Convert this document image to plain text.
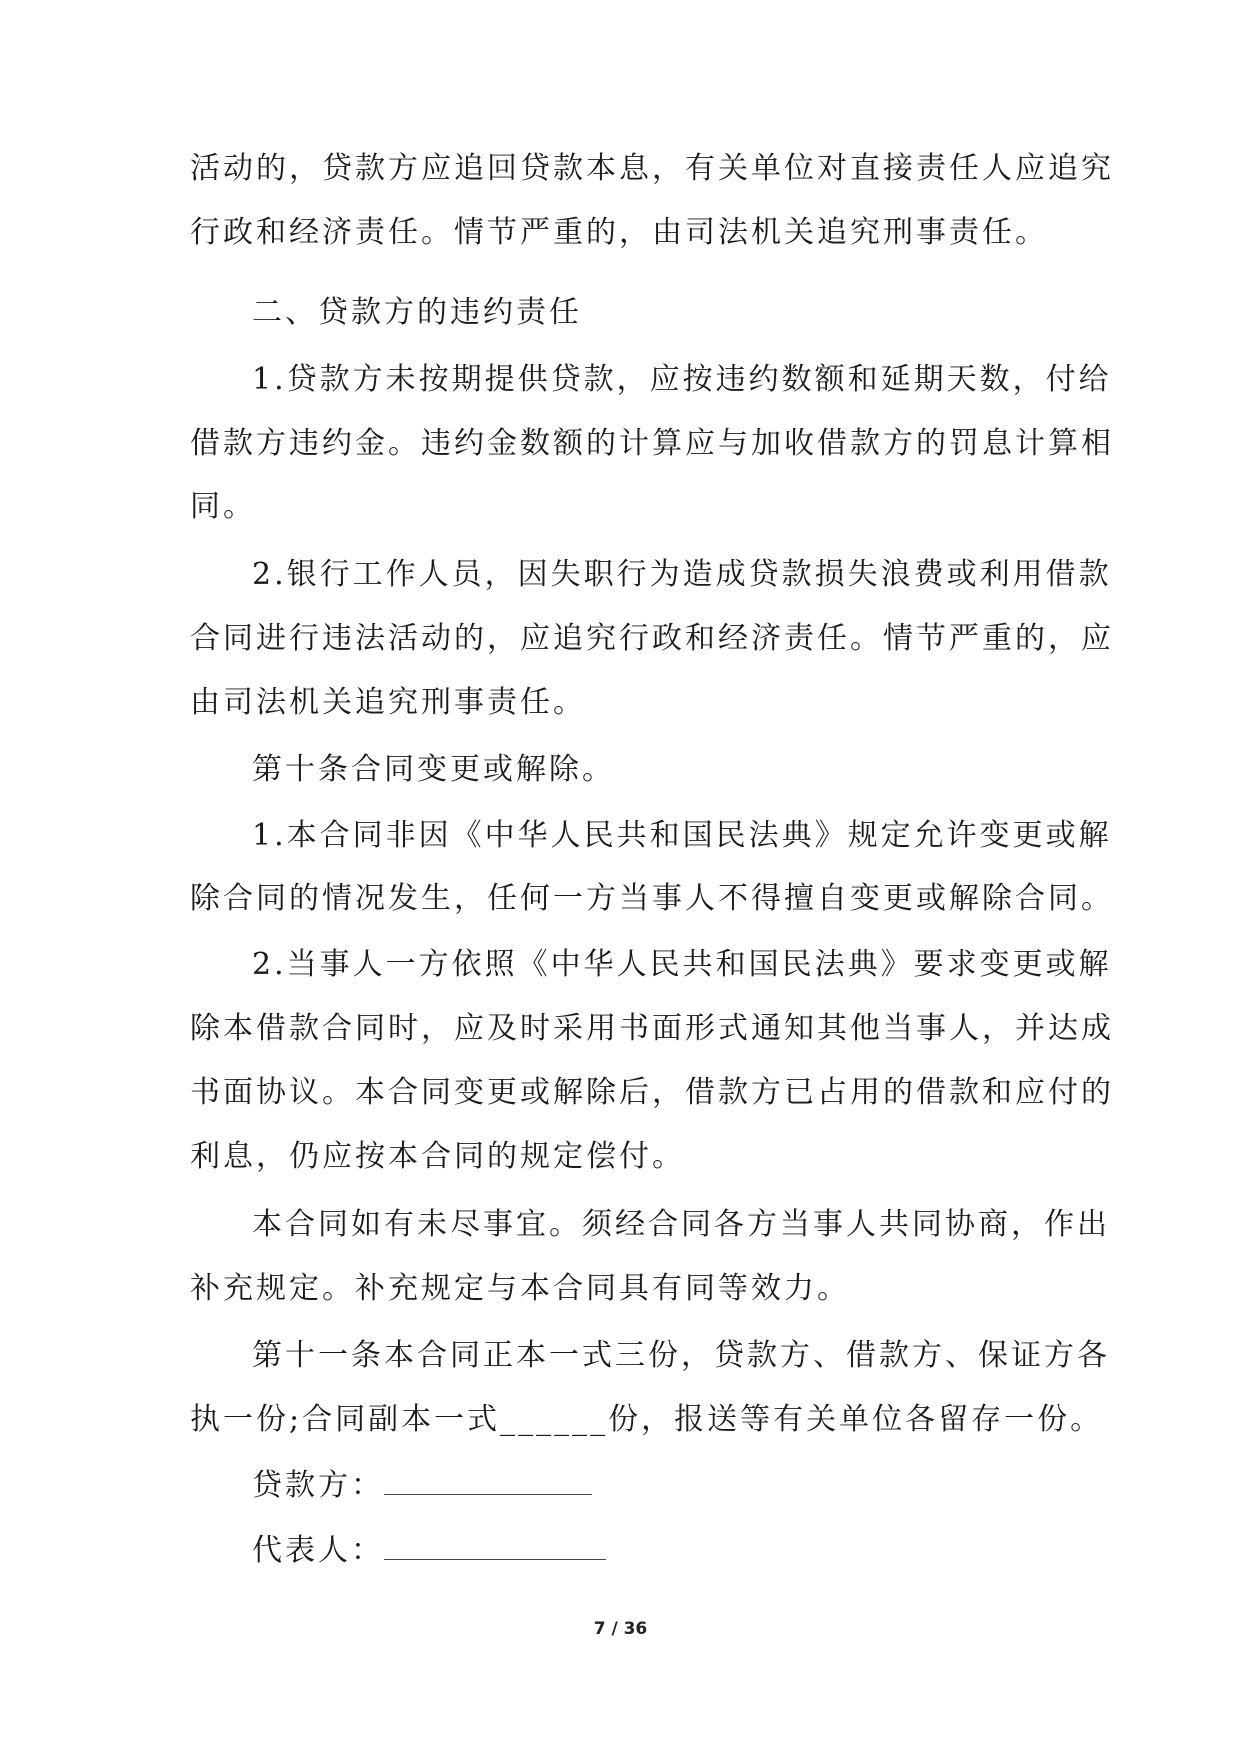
活动的，贷款方应追回贷款本息，有关单位对直接责任人应追究
行政和经济责任。情节严重的，由司法机关追究刑事责任。
二、贷款方的违约责任
1.贷款方未按期提供贷款，应按违约数额和延期天数，付给
借款方违约金。违约金数额的计算应与加收借款方的罚息计算相
同。
2.银行工作人员，因失职行为造成贷款损失浪费或利用借款
合同进行违法活动的，应追究行政和经济责任。情节严重的，应
由司法机关追究刑事责任。
第十条合同变更或解除。
1.本合同非因《中华人民共和国民法典》规定允许变更或解
除合同的情况发生，任何一方当事人不得擅自变更或解除合同。
2.当事人一方依照《中华人民共和国民法典》要求变更或解
除本借款合同时，应及时采用书面形式通知其他当事人，并达成
书面协议。本合同变更或解除后，借款方已占用的借款和应付的
利息，仍应按本合同的规定偿付。
本合同如有未尽事宜。须经合同各方当事人共同协商，作出
补充规定。补充规定与本合同具有同等效力。
第十一条本合同正本一式三份，贷款方、借款方、保证方各
执一份;合同副本一式______份，报送等有关单位各留存一份。
贷款方：
代表人：
7 / 36
